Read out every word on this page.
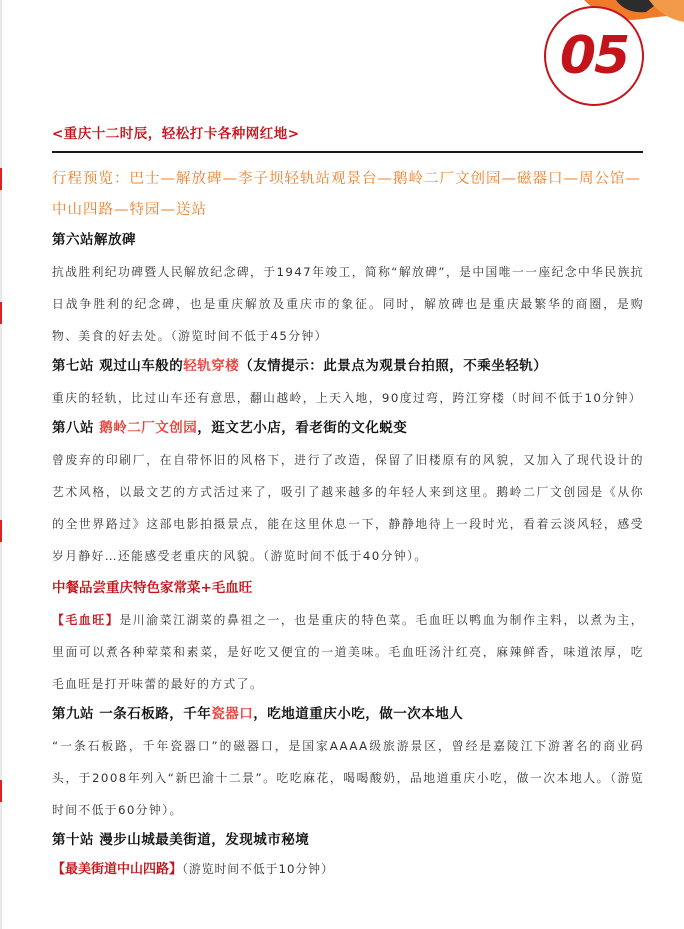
05
<重庆十二时辰，轻松打卡各种网红地>

行程预览：巴士—解放碑—李子坝轻轨站观景台—鹅岭二厂文创园—磁器口—周公馆—中山四路—特园—送站

第六站解放碑

抗战胜利纪功碑暨人民解放纪念碑，于1947年竣工，简称“解放碑”，是中国唯一一座纪念中华民族抗日战争胜利的纪念碑，也是重庆解放及重庆市的象征。同时，解放碑也是重庆最繁华的商圈，是购物、美食的好去处。（游览时间不低于45分钟）

第七站 观过山车般的轻轨穿楼（友情提示：此景点为观景台拍照，不乘坐轻轨）

重庆的轻轨，比过山车还有意思，翻山越岭，上天入地，90度过弯，跨江穿楼（时间不低于10分钟）

第八站 鹅岭二厂文创园，逛文艺小店，看老街的文化蜕变

曾废弃的印刷厂，在自带怀旧的风格下，进行了改造，保留了旧楼原有的风貌，又加入了现代设计的艺术风格，以最文艺的方式活过来了，吸引了越来越多的年轻人来到这里。鹅岭二厂文创园是《从你的全世界路过》这部电影拍摄景点，能在这里休息一下，静静地待上一段时光，看着云淡风轻，感受岁月静好…还能感受老重庆的风貌。（游览时间不低于40分钟）。

中餐品尝重庆特色家常菜+毛血旺

【毛血旺】是川渝菜江湖菜的鼻祖之一，也是重庆的特色菜。毛血旺以鸭血为制作主料，以煮为主，里面可以煮各种荤菜和素菜，是好吃又便宜的一道美味。毛血旺汤汁红亮，麻辣鲜香，味道浓厚，吃毛血旺是打开味蕾的最好的方式了。

第九站 一条石板路，千年瓷器口，吃地道重庆小吃，做一次本地人

“一条石板路，千年瓷器口”的磁器口，是国家AAAA级旅游景区，曾经是嘉陵江下游著名的商业码头，于2008年列入“新巴渝十二景”。吃吃麻花，喝喝酸奶，品地道重庆小吃，做一次本地人。（游览时间不低于60分钟）。

第十站 漫步山城最美街道，发现城市秘境

【最美街道中山四路】（游览时间不低于10分钟）
